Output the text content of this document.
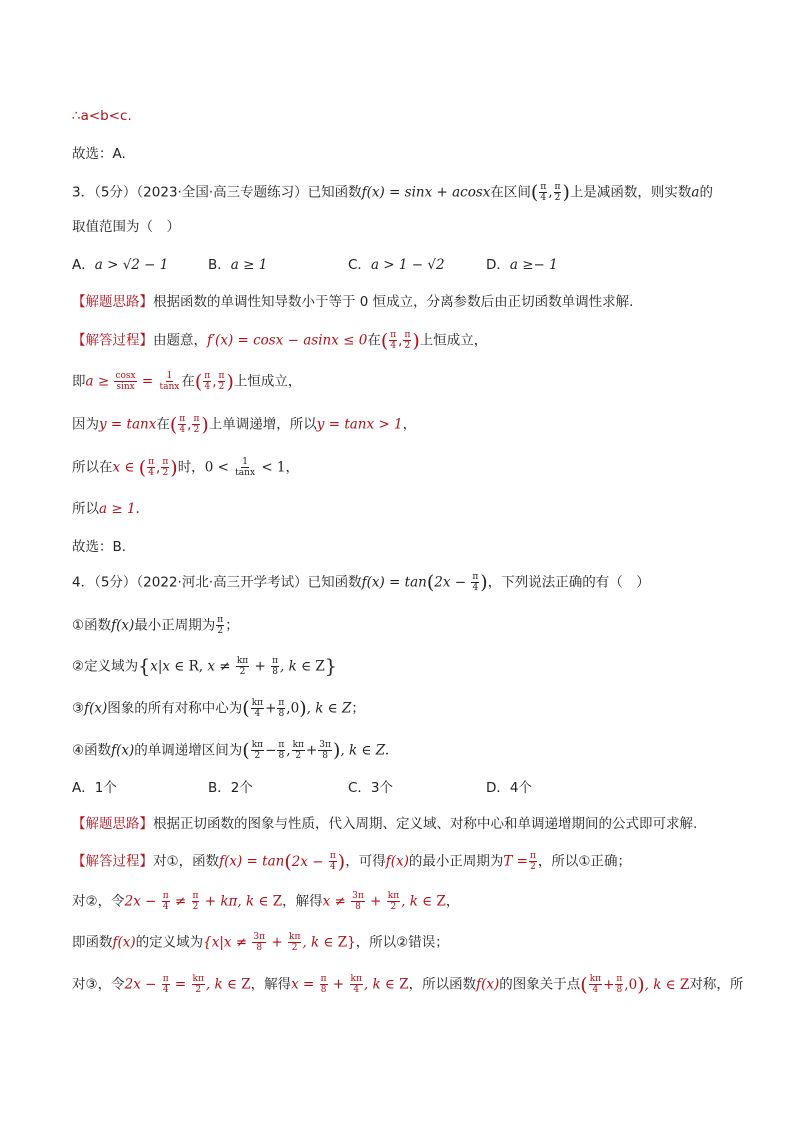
∴a<b<c.
故选：A.
3．（5分）（2023·全国·高三专题练习）已知函数f(x) = sinx + acosx在区间( $\frac{\pi}{4}$ , $\frac{\pi}{2}$ )上是减函数，则实数a的
取值范围为（　）
A．a > √2 − 1	B．a ≥ 1	C．a > 1 − √2	D．a ≥− 1
【解题思路】根据函数的单调性知导数小于等于 0 恒成立，分离参数后由正切函数单调性求解.
【解答过程】由题意，f′(x) = cosx − asinx ≤ 0在( $\frac{\pi}{4}$ , $\frac{\pi}{2}$ )上恒成立，
即$a \ge \frac{\cos x}{\sin x} = \frac{1}{\tan x}$ 在( $\frac{\pi}{4}$ , $\frac{\pi}{2}$ )上恒成立，
因为y = tanx在( $\frac{\pi}{4}$ , $\frac{\pi}{2}$ )上单调递增，所以y = tanx > 1，
所以在x ∈ ( $\frac{\pi}{4}$ , $\frac{\pi}{2}$ )时，$0 < \frac{1}{\tan x} < 1$，
所以a ≥ 1.
故选：B.
4．（5分）（2022·河北·高三开学考试）已知函数$f(x) = \tan(2x - \frac{\pi}{4}$ )，下列说法正确的有（　）
①函数f(x)最小正周期为 $\frac{\pi}{2}$ ；
②定义域为{x|x ∈ R, $x \ne \frac{k\pi}{2} + \frac{\pi}{8}$ , k ∈ Z}
③f(x)图象的所有对称中心为( $\frac{k\pi}{4} + \frac{\pi}{8} ,0$), k ∈ Z；
④函数f(x)的单调递增区间为( $\frac{k\pi}{2} - \frac{\pi}{8}$ , $\frac{k\pi}{2} + \frac{3\pi}{8}$ ), k ∈ Z.
A．1个	B．2个	C．3个	D．4个
【解题思路】根据正切函数的图象与性质，代入周期、定义域、对称中心和单调递增期间的公式即可求解.
【解答过程】对①，函数$f(x) = \tan(2x - \frac{\pi}{4}$ )，可得f(x)的最小正周期为$T = \frac{\pi}{2}$ ，所以①正确；
对②，令$2x - \frac{\pi}{4} \ne \frac{\pi}{2} + k\pi$, k ∈ Z，解得$x \ne \frac{3\pi}{8} + \frac{k\pi}{2}$ , k ∈ Z，
即函数f(x)的定义域为{$x|x \ne \frac{3\pi}{8} + \frac{k\pi}{2}$ , k ∈ Z}，所以②错误；
对③，令$2x - \frac{\pi}{4} = \frac{k\pi}{2}$ , k ∈ Z，解得$x = \frac{\pi}{8} + \frac{k\pi}{4}$ , k ∈ Z，所以函数f(x)的图象关于点( $\frac{k\pi}{4} + \frac{\pi}{8} ,0$), k ∈ Z对称，所
